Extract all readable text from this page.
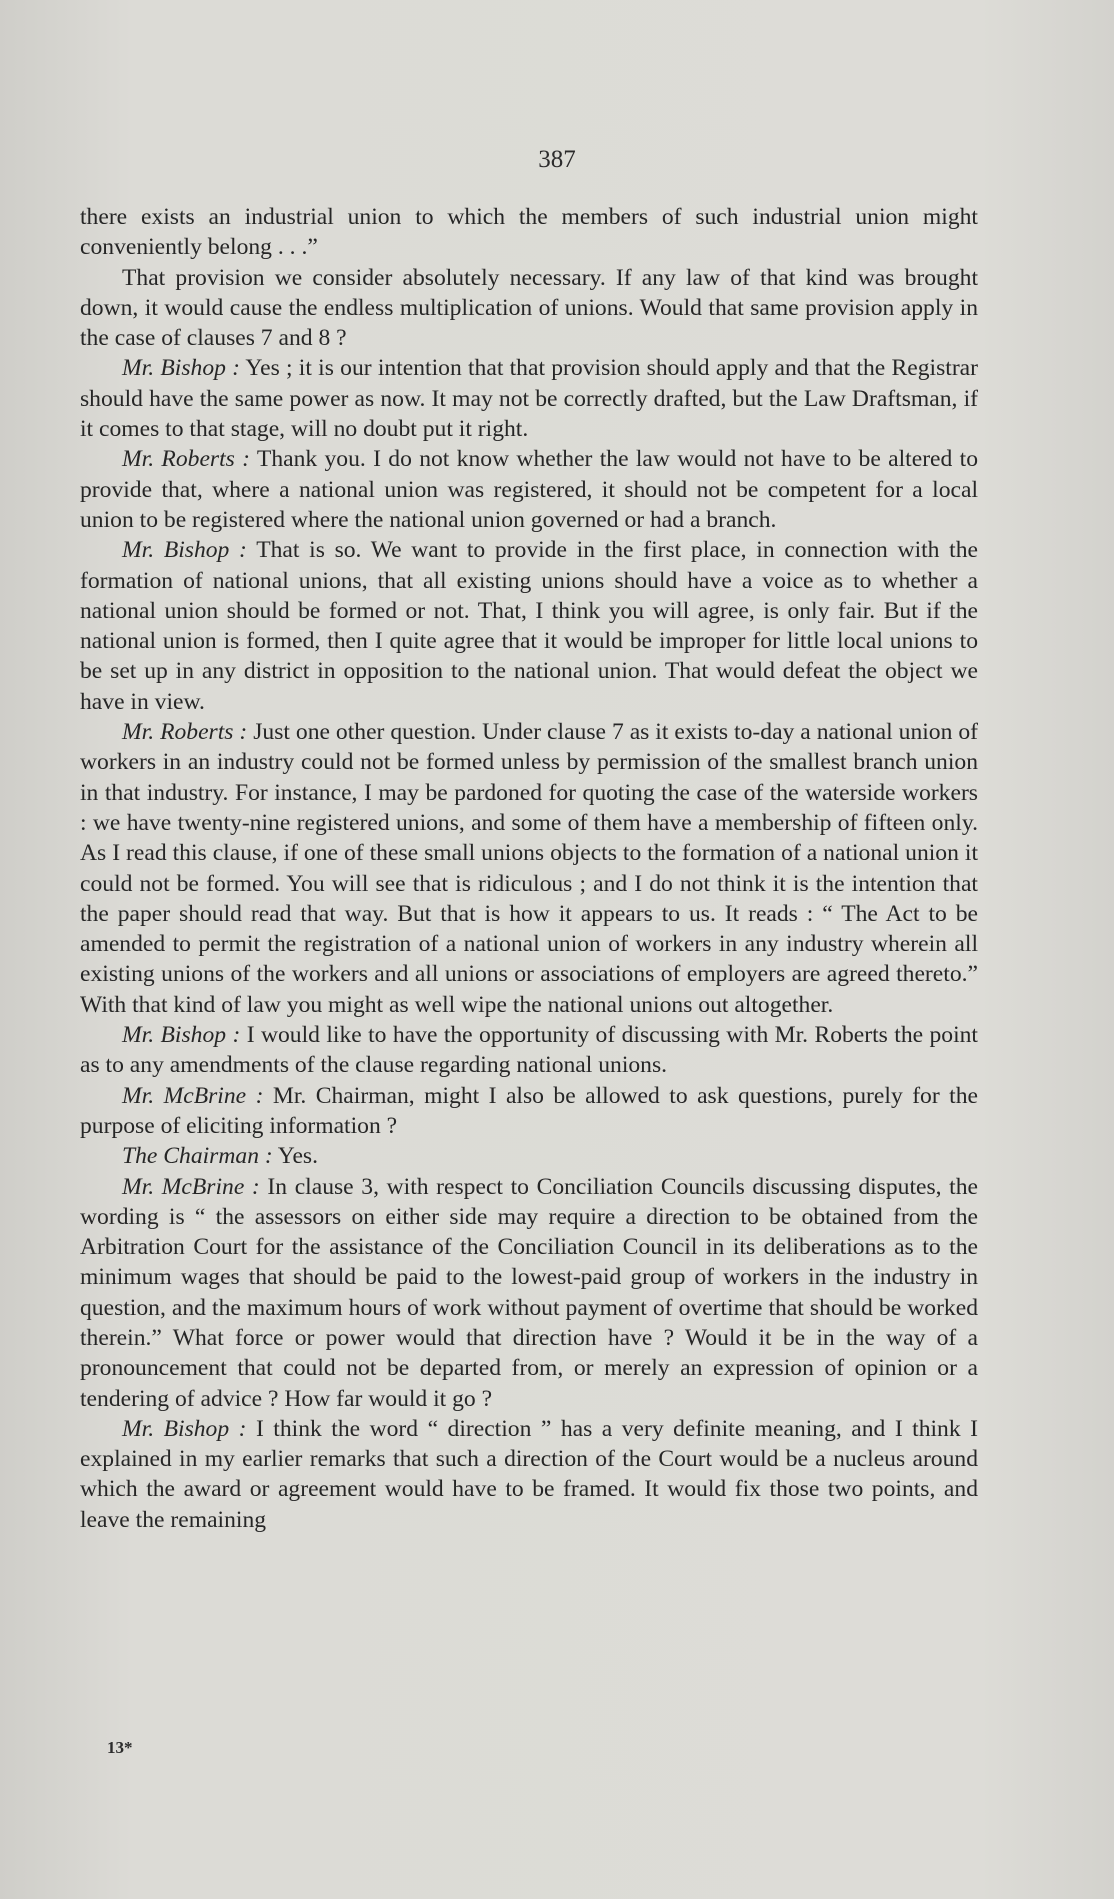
387

there exists an industrial union to which the members of such industrial union might conveniently belong . . .”

That provision we consider absolutely necessary. If any law of that kind was brought down, it would cause the endless multiplication of unions. Would that same provision apply in the case of clauses 7 and 8 ?

Mr. Bishop : Yes ; it is our intention that that provision should apply and that the Registrar should have the same power as now. It may not be correctly drafted, but the Law Draftsman, if it comes to that stage, will no doubt put it right.

Mr. Roberts : Thank you. I do not know whether the law would not have to be altered to provide that, where a national union was registered, it should not be competent for a local union to be registered where the national union governed or had a branch.

Mr. Bishop : That is so. We want to provide in the first place, in connection with the formation of national unions, that all existing unions should have a voice as to whether a national union should be formed or not. That, I think you will agree, is only fair. But if the national union is formed, then I quite agree that it would be improper for little local unions to be set up in any district in opposition to the national union. That would defeat the object we have in view.

Mr. Roberts : Just one other question. Under clause 7 as it exists to-day a national union of workers in an industry could not be formed unless by permission of the smallest branch union in that industry. For instance, I may be pardoned for quoting the case of the waterside workers : we have twenty-nine registered unions, and some of them have a membership of fifteen only. As I read this clause, if one of these small unions objects to the formation of a national union it could not be formed. You will see that is ridiculous ; and I do not think it is the intention that the paper should read that way. But that is how it appears to us. It reads : “ The Act to be amended to permit the registration of a national union of workers in any industry wherein all existing unions of the workers and all unions or associations of employers are agreed thereto.” With that kind of law you might as well wipe the national unions out altogether.

Mr. Bishop : I would like to have the opportunity of discussing with Mr. Roberts the point as to any amendments of the clause regarding national unions.

Mr. McBrine : Mr. Chairman, might I also be allowed to ask questions, purely for the purpose of eliciting information ?

The Chairman : Yes.

Mr. McBrine : In clause 3, with respect to Conciliation Councils discussing disputes, the wording is “ the assessors on either side may require a direction to be obtained from the Arbitration Court for the assistance of the Conciliation Council in its deliberations as to the minimum wages that should be paid to the lowest-paid group of workers in the industry in question, and the maximum hours of work without payment of overtime that should be worked therein.” What force or power would that direction have ? Would it be in the way of a pronouncement that could not be departed from, or merely an expression of opinion or a tendering of advice ? How far would it go ?

Mr. Bishop : I think the word “ direction ” has a very definite meaning, and I think I explained in my earlier remarks that such a direction of the Court would be a nucleus around which the award or agreement would have to be framed. It would fix those two points, and leave the remaining

13*
